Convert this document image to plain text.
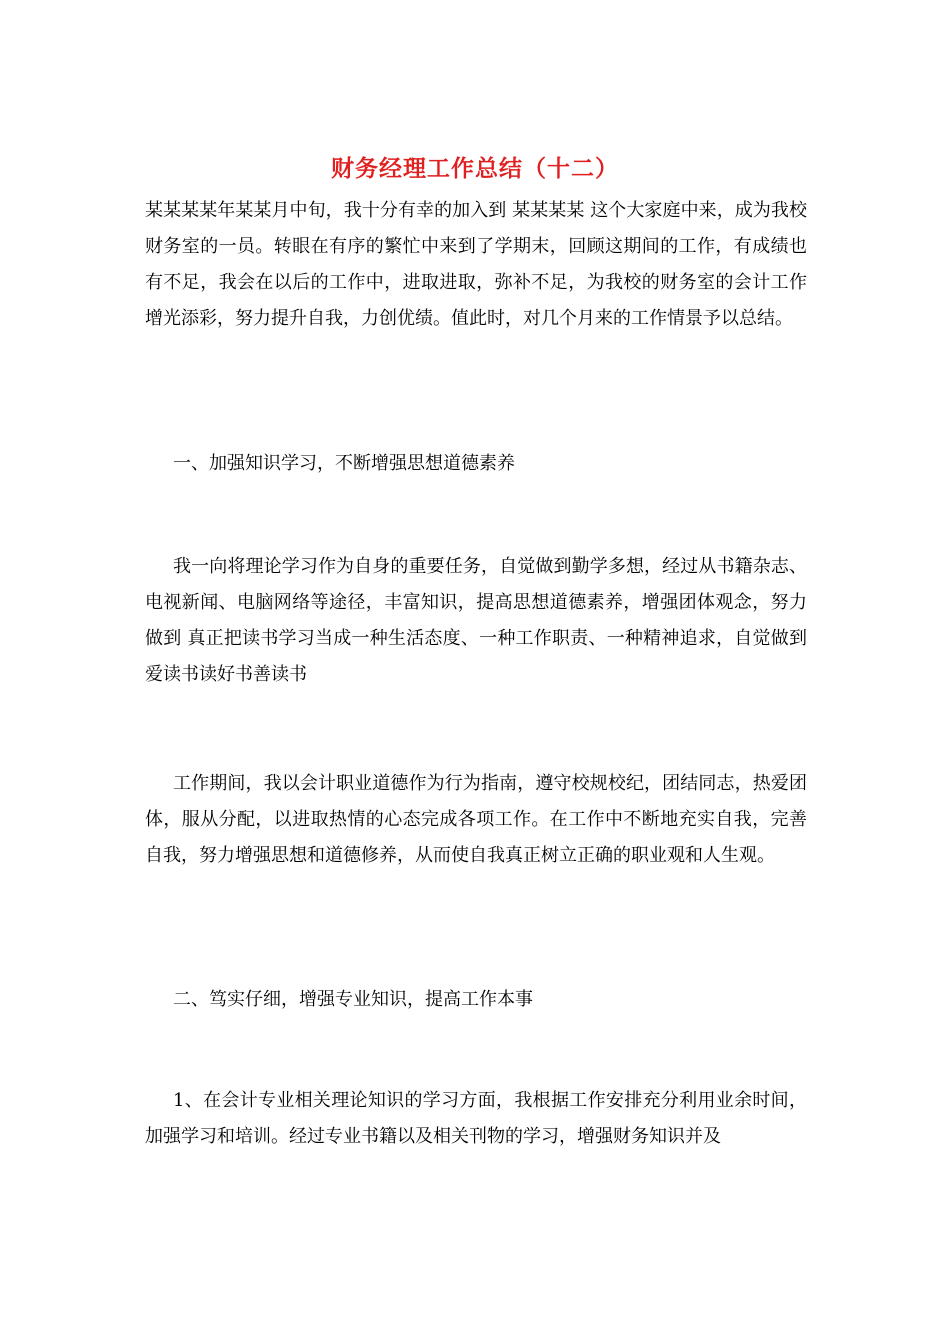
财务经理工作总结（十二）

某某某某年某某月中旬，我十分有幸的加入到 某某某某 这个大家庭中来，成为我校财务室的一员。转眼在有序的繁忙中来到了学期末，回顾这期间的工作，有成绩也有不足，我会在以后的工作中，进取进取，弥补不足，为我校的财务室的会计工作增光添彩，努力提升自我，力创优绩。值此时，对几个月来的工作情景予以总结。

一、加强知识学习，不断增强思想道德素养

我一向将理论学习作为自身的重要任务，自觉做到勤学多想，经过从书籍杂志、电视新闻、电脑网络等途径，丰富知识，提高思想道德素养，增强团体观念，努力做到 真正把读书学习当成一种生活态度、一种工作职责、一种精神追求，自觉做到爱读书读好书善读书

工作期间，我以会计职业道德作为行为指南，遵守校规校纪，团结同志，热爱团体，服从分配，以进取热情的心态完成各项工作。在工作中不断地充实自我，完善自我，努力增强思想和道德修养，从而使自我真正树立正确的职业观和人生观。

二、笃实仔细，增强专业知识，提高工作本事

1、在会计专业相关理论知识的学习方面，我根据工作安排充分利用业余时间，加强学习和培训。经过专业书籍以及相关刊物的学习，增强财务知识并及
